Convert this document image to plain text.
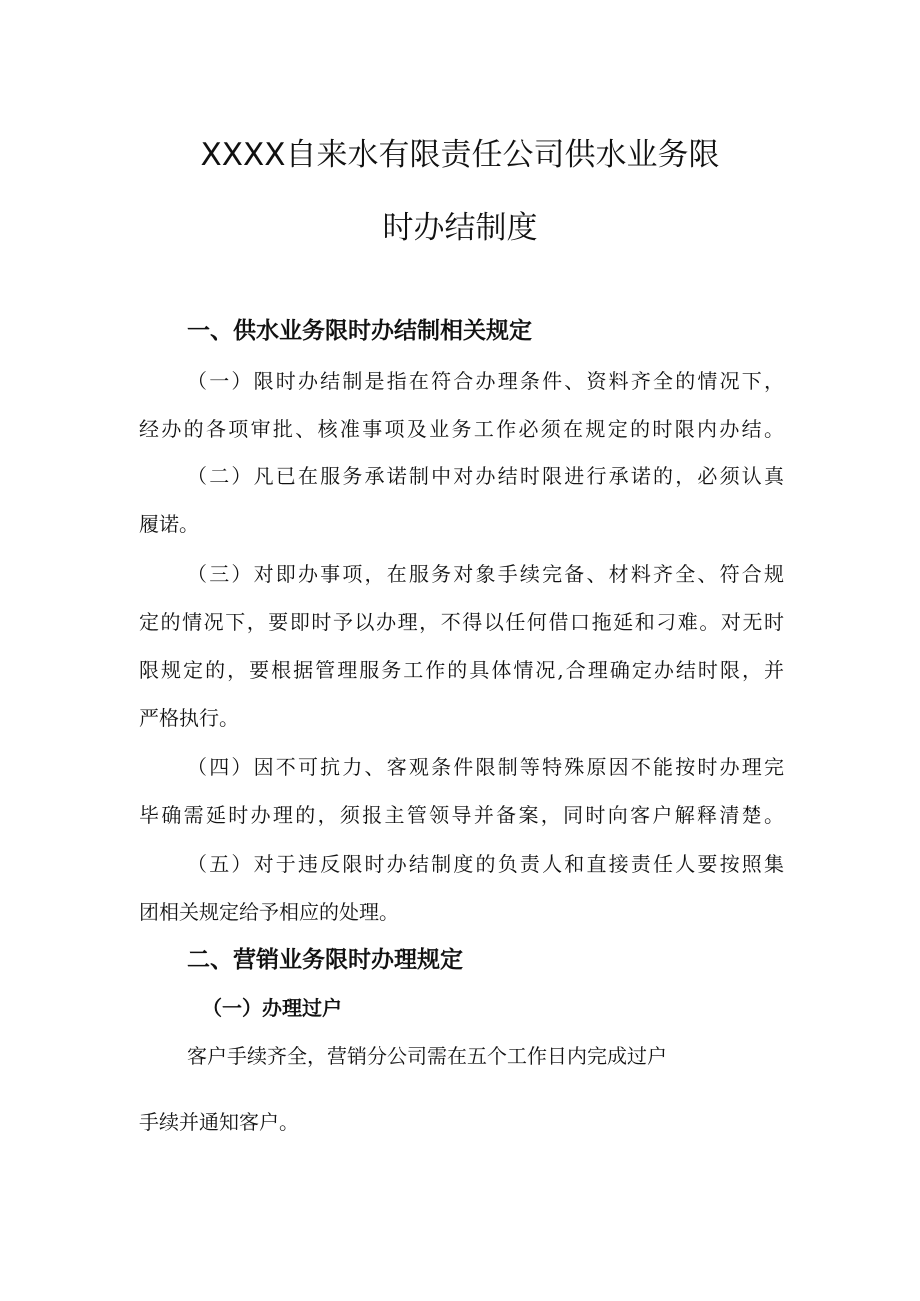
XXXX自来水有限责任公司供水业务限
时办结制度
一、供水业务限时办结制相关规定
（一）限时办结制是指在符合办理条件、资料齐全的情况下，
经办的各项审批、核准事项及业务工作必须在规定的时限内办结。
（二）凡已在服务承诺制中对办结时限进行承诺的，必须认真
履诺。
（三）对即办事项，在服务对象手续完备、材料齐全、符合规
定的情况下，要即时予以办理，不得以任何借口拖延和刁难。对无时
限规定的，要根据管理服务工作的具体情况,合理确定办结时限，并
严格执行。
（四）因不可抗力、客观条件限制等特殊原因不能按时办理完
毕确需延时办理的，须报主管领导并备案，同时向客户解释清楚。
（五）对于违反限时办结制度的负责人和直接责任人要按照集
团相关规定给予相应的处理。
二、营销业务限时办理规定
（一）办理过户
客户手续齐全，营销分公司需在五个工作日内完成过户
手续并通知客户。
